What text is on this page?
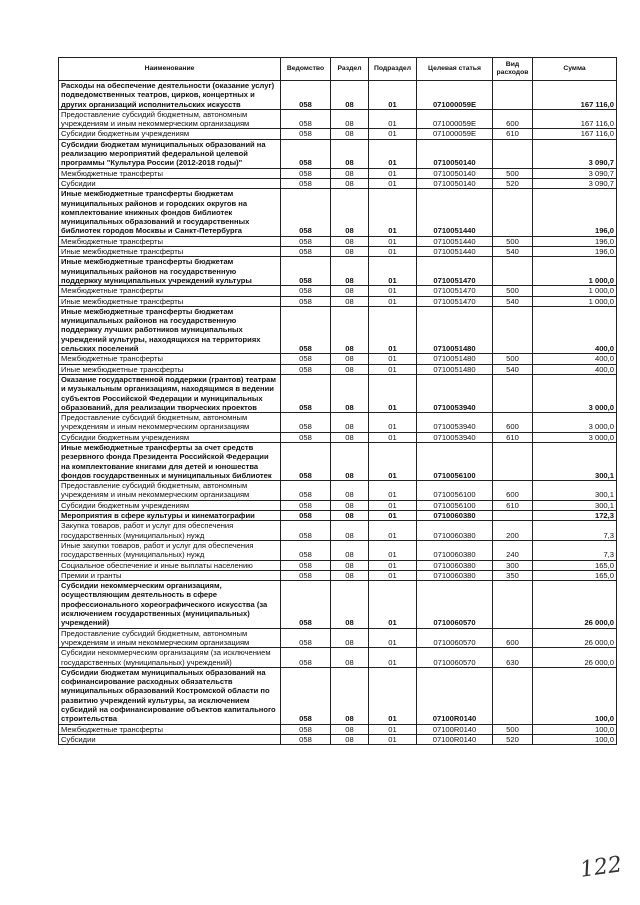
Наименование	Ведомство	Раздел	Подраздел	Целевая статья	Вид расходов	Сумма
Расходы на обеспечение деятельности (оказание услуг) подведомственных театров, цирков, концертных и других организаций исполнительских искусств	058	08	01	071000059Е		167 116,0
Предоставление субсидий бюджетным, автономным учреждениям и иным некоммерческим организациям	058	08	01	071000059Е	600	167 116,0
Субсидии бюджетным учреждениям	058	08	01	071000059Е	610	167 116,0
Субсидии бюджетам муниципальных образований на реализацию мероприятий федеральной целевой программы "Культура России (2012-2018 годы)"	058	08	01	0710050140		3 090,7
Межбюджетные трансферты	058	08	01	0710050140	500	3 090,7
Субсидии	058	08	01	0710050140	520	3 090,7
Иные межбюджетные трансферты бюджетам муниципальных районов и городских округов на комплектование книжных фондов библиотек муниципальных образований и государственных библиотек городов Москвы и Санкт-Петербурга	058	08	01	0710051440		196,0
Межбюджетные трансферты	058	08	01	0710051440	500	196,0
Иные межбюджетные трансферты	058	08	01	0710051440	540	196,0
Иные межбюджетные трансферты бюджетам муниципальных районов на государственную поддержку муниципальных учреждений культуры	058	08	01	0710051470		1 000,0
Межбюджетные трансферты	058	08	01	0710051470	500	1 000,0
Иные межбюджетные трансферты	058	08	01	0710051470	540	1 000,0
Иные межбюджетные трансферты бюджетам муниципальных районов на государственную поддержку лучших работников муниципальных учреждений культуры, находящихся на территориях сельских поселений	058	08	01	0710051480		400,0
Межбюджетные трансферты	058	08	01	0710051480	500	400,0
Иные межбюджетные трансферты	058	08	01	0710051480	540	400,0
Оказание государственной поддержки (грантов) театрам и музыкальным организациям, находящимся в ведении субъектов Российской Федерации и муниципальных образований, для реализации творческих проектов	058	08	01	0710053940		3 000,0
Предоставление субсидий бюджетным, автономным учреждениям и иным некоммерческим организациям	058	08	01	0710053940	600	3 000,0
Субсидии бюджетным учреждениям	058	08	01	0710053940	610	3 000,0
Иные межбюджетные трансферты за счет средств резервного фонда Президента Российской Федерации на комплектование книгами для детей и юношества фондов государственных и муниципальных библиотек	058	08	01	0710056100		300,1
Предоставление субсидий бюджетным, автономным учреждениям и иным некоммерческим организациям	058	08	01	0710056100	600	300,1
Субсидии бюджетным учреждениям	058	08	01	0710056100	610	300,1
Мероприятия в сфере культуры и кинематографии	058	08	01	0710060380		172,3
Закупка товаров, работ и услуг для обеспечения государственных (муниципальных) нужд	058	08	01	0710060380	200	7,3
Иные закупки товаров, работ и услуг для обеспечения государственных (муниципальных) нужд	058	08	01	0710060380	240	7,3
Социальное обеспечение и иные выплаты населению	058	08	01	0710060380	300	165,0
Премии и гранты	058	08	01	0710060380	350	165,0
Субсидии некоммерческим организациям, осуществляющим деятельность в сфере профессионального хореографического искусства (за исключением государственных (муниципальных) учреждений)	058	08	01	0710060570		26 000,0
Предоставление субсидий бюджетным, автономным учреждениям и иным некоммерческим организациям	058	08	01	0710060570	600	26 000,0
Субсидии некоммерческим организациям (за исключением государственных (муниципальных) учреждений)	058	08	01	0710060570	630	26 000,0
Субсидии бюджетам муниципальных образований на софинансирование расходных обязательств муниципальных образований Костромской области по развитию учреждений культуры, за исключением субсидий на софинансирование объектов капитального строительства	058	08	01	07100R0140		100,0
Межбюджетные трансферты	058	08	01	07100R0140	500	100,0
Субсидии	058	08	01	07100R0140	520	100,0
122
